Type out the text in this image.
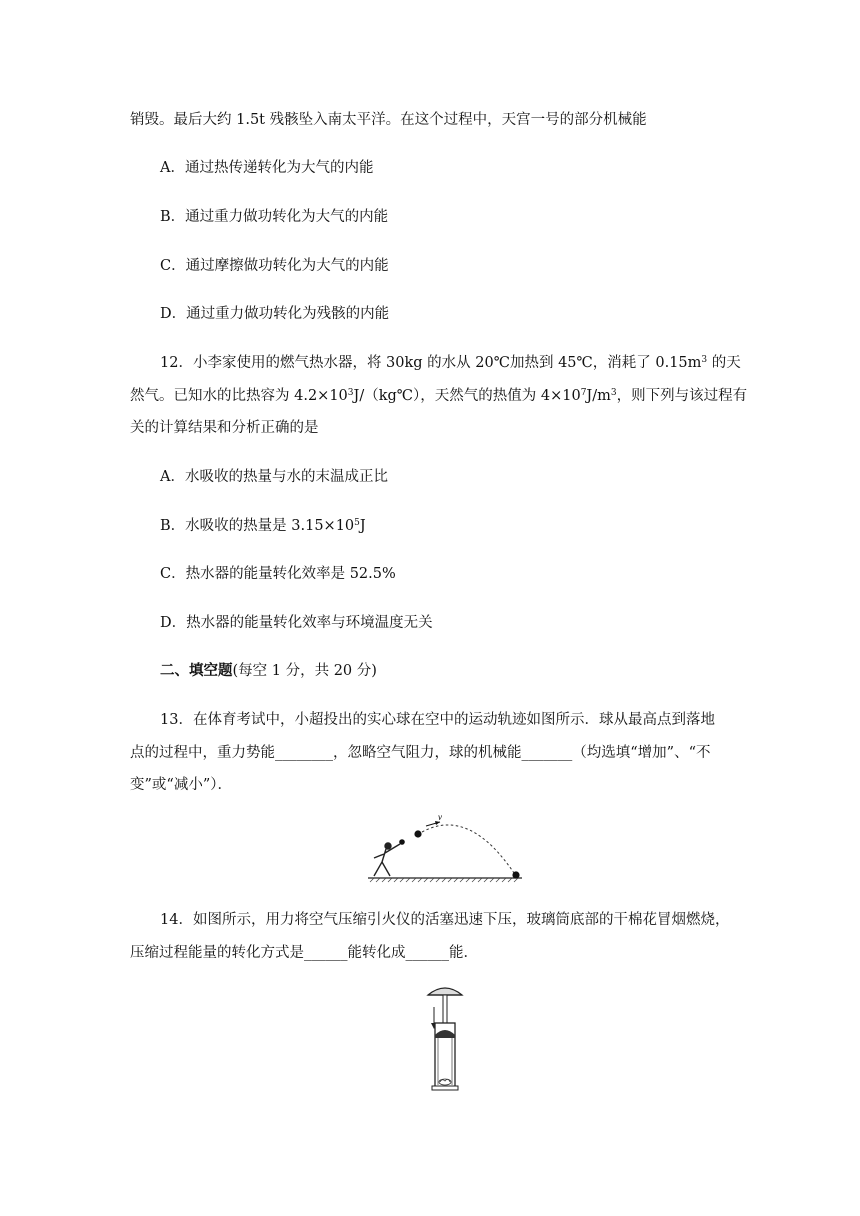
销毁。最后大约 1.5t 残骸坠入南太平洋。在这个过程中，天宫一号的部分机械能
A．通过热传递转化为大气的内能
B．通过重力做功转化为大气的内能
C．通过摩擦做功转化为大气的内能
D．通过重力做功转化为残骸的内能
12．小李家使用的燃气热水器，将 30kg 的水从 20℃加热到 45℃，消耗了 $0.15m^3$ 的天
然气。已知水的比热容为 $4.2\times 10^3J/(kg℃)$，天然气的热值为 $4\times 10^7J/m^3$，则下列与该过程有
关的计算结果和分析正确的是
A．水吸收的热量与水的末温成正比
B．水吸收的热量是 $3.15\times 10^5J$
C．热水器的能量转化效率是 52.5%
D．热水器的能量转化效率与环境温度无关
二、填空题(每空 1 分，共 20 分)
13．在体育考试中，小超投出的实心球在空中的运动轨迹如图所示．球从最高点到落地
点的过程中，重力势能________，忽略空气阻力，球的机械能_______（均选填“增加”、“不
变”或“减小”）．
v
14．如图所示，用力将空气压缩引火仪的活塞迅速下压，玻璃筒底部的干棉花冒烟燃烧，
压缩过程能量的转化方式是______能转化成______能．
